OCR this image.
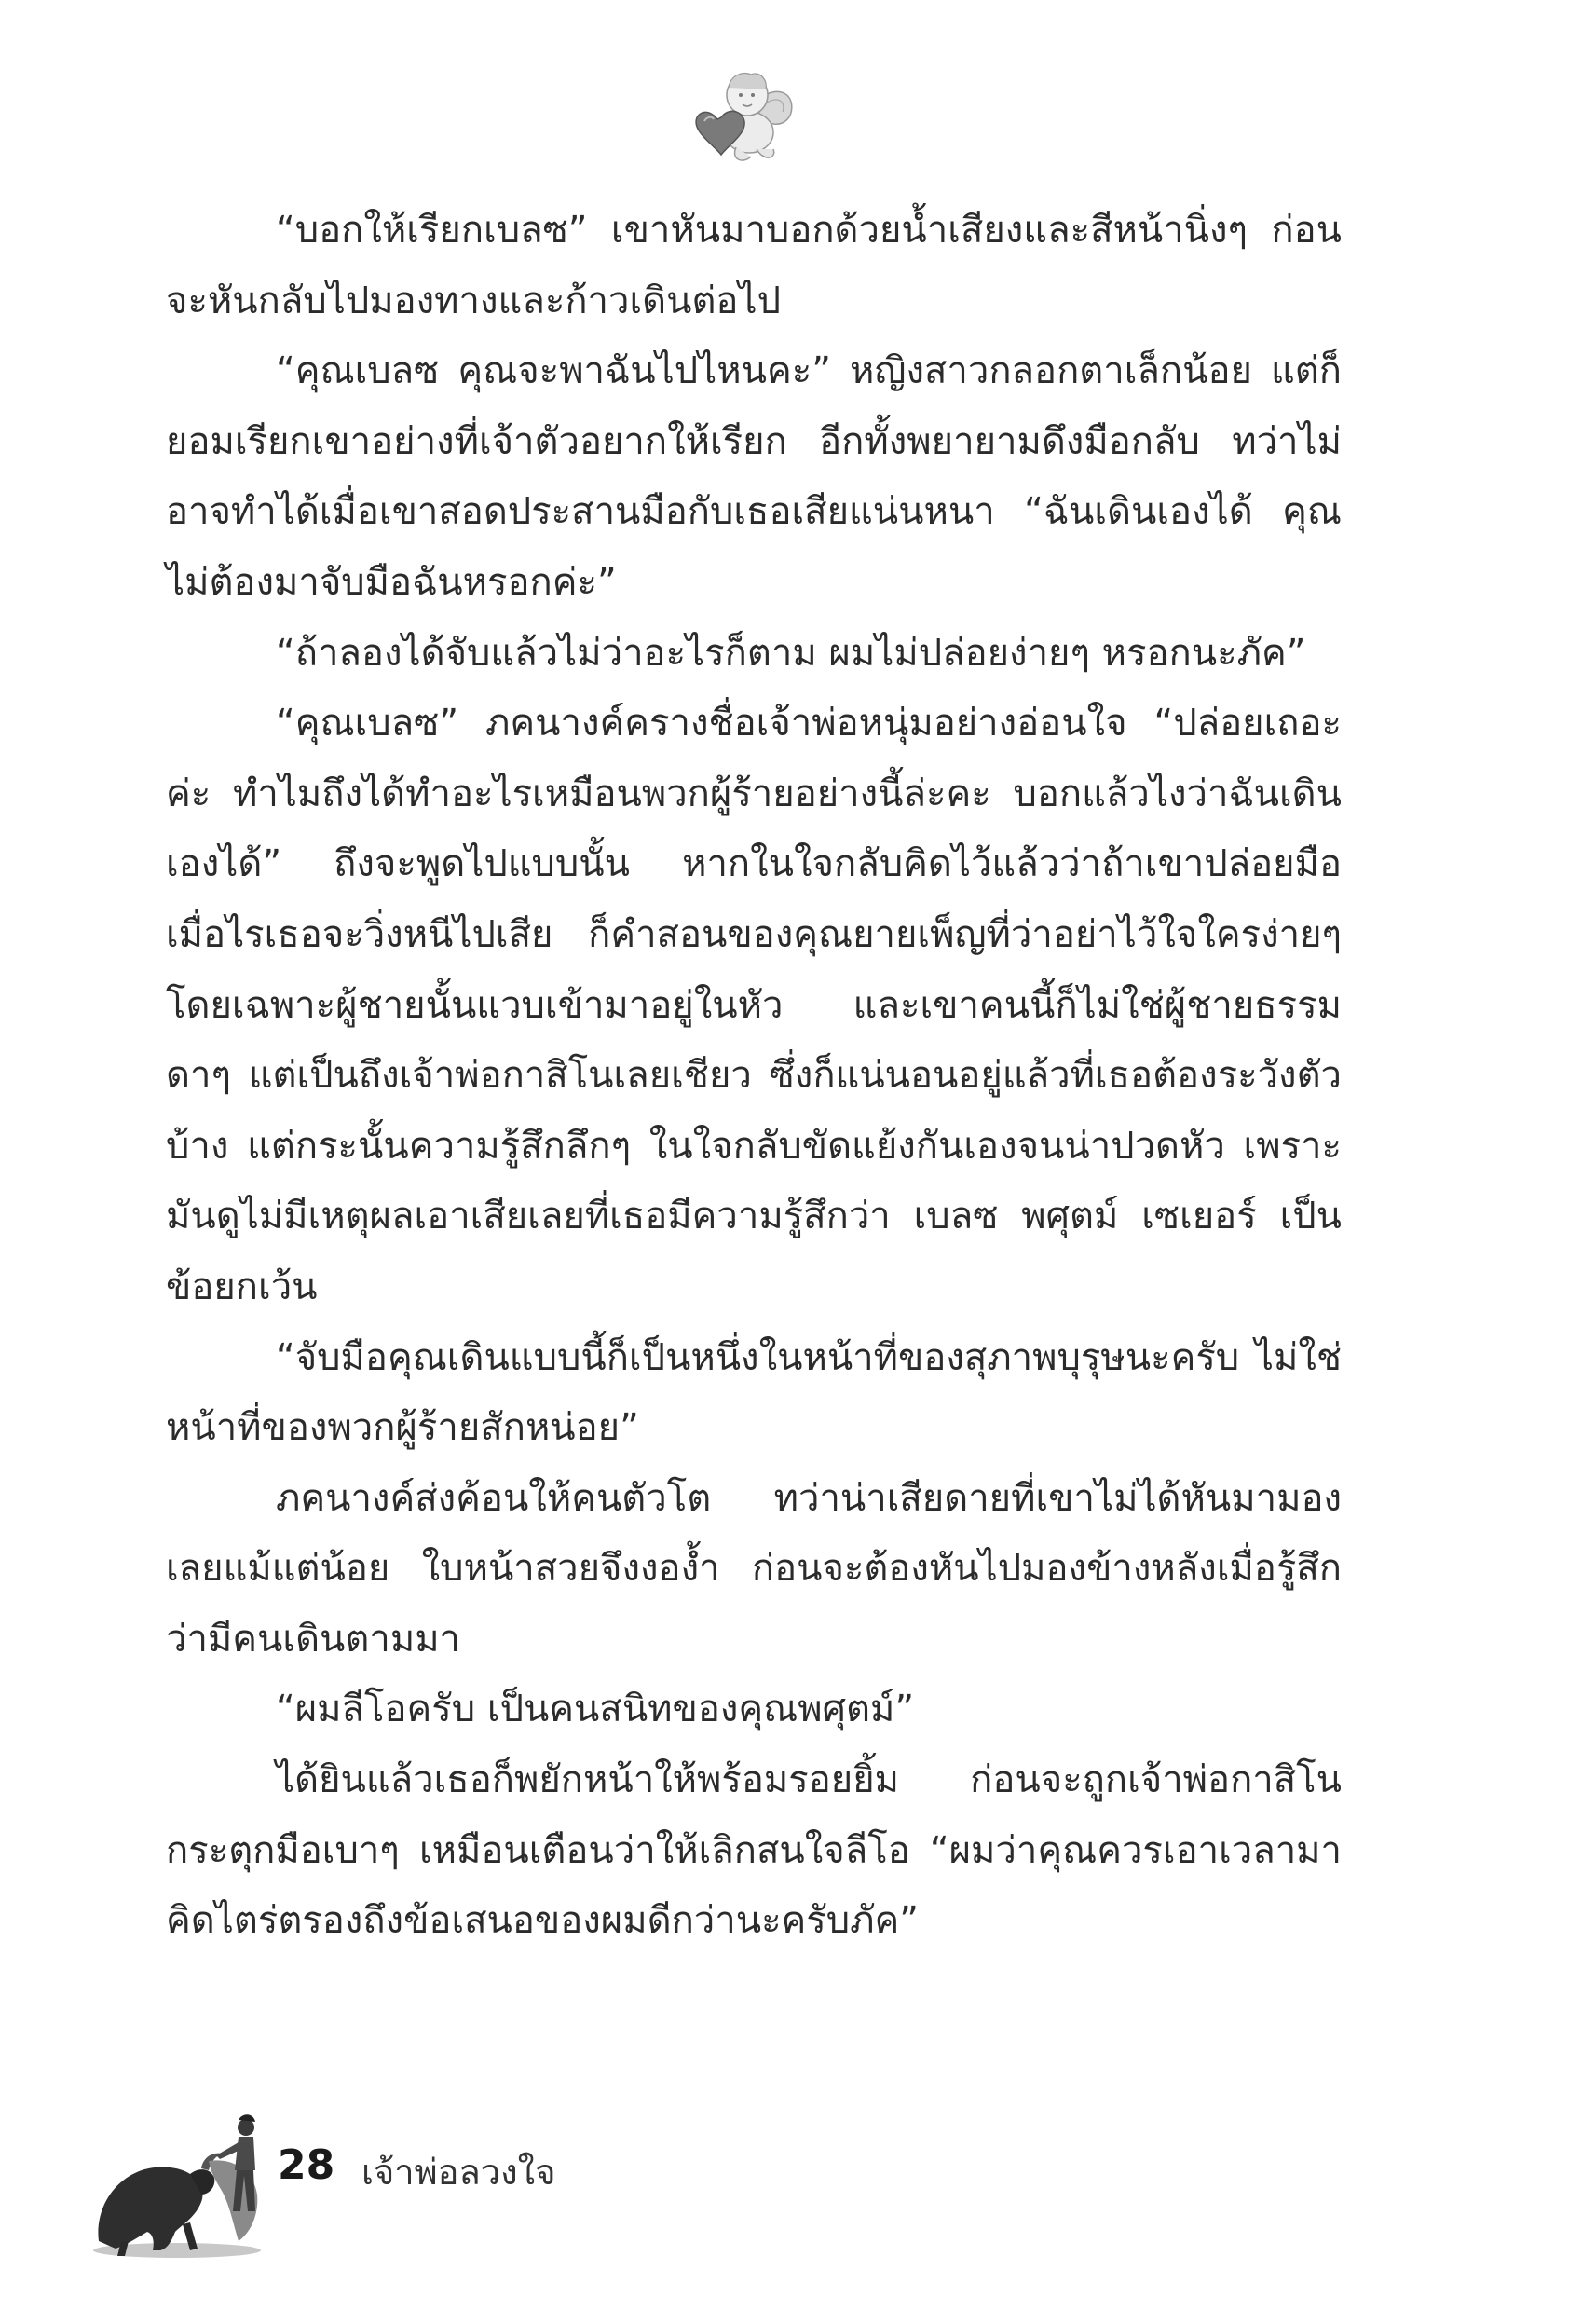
“บอกให้เรียกเบลซ” เขาหันมาบอกด้วยน้ำเสียงและสีหน้านิ่งๆ ก่อนจะหันกลับไปมองทางและก้าวเดินต่อไป

“คุณเบลซ คุณจะพาฉันไปไหนคะ” หญิงสาวกลอกตาเล็กน้อย แต่ก็ยอมเรียกเขาอย่างที่เจ้าตัวอยากให้เรียก อีกทั้งพยายามดึงมือกลับ ทว่าไม่อาจทำได้เมื่อเขาสอดประสานมือกับเธอเสียแน่นหนา “ฉันเดินเองได้ คุณไม่ต้องมาจับมือฉันหรอกค่ะ”

“ถ้าลองได้จับแล้วไม่ว่าอะไรก็ตาม ผมไม่ปล่อยง่ายๆ หรอกนะภัค”

“คุณเบลซ” ภคนางค์ครางชื่อเจ้าพ่อหนุ่มอย่างอ่อนใจ “ปล่อยเถอะค่ะ ทำไมถึงได้ทำอะไรเหมือนพวกผู้ร้ายอย่างนี้ล่ะคะ บอกแล้วไงว่าฉันเดินเองได้” ถึงจะพูดไปแบบนั้น หากในใจกลับคิดไว้แล้วว่าถ้าเขาปล่อยมือเมื่อไรเธอจะวิ่งหนีไปเสีย ก็คำสอนของคุณยายเพ็ญที่ว่าอย่าไว้ใจใครง่ายๆ โดยเฉพาะผู้ชายนั้นแวบเข้ามาอยู่ในหัว และเขาคนนี้ก็ไม่ใช่ผู้ชายธรรมดาๆ แต่เป็นถึงเจ้าพ่อกาสิโนเลยเชียว ซึ่งก็แน่นอนอยู่แล้วที่เธอต้องระวังตัวบ้าง แต่กระนั้นความรู้สึกลึกๆ ในใจกลับขัดแย้งกันเองจนน่าปวดหัว เพราะมันดูไม่มีเหตุผลเอาเสียเลยที่เธอมีความรู้สึกว่า เบลซ พศุตม์ เซเยอร์ เป็นข้อยกเว้น

“จับมือคุณเดินแบบนี้ก็เป็นหนึ่งในหน้าที่ของสุภาพบุรุษนะครับ ไม่ใช่หน้าที่ของพวกผู้ร้ายสักหน่อย”

ภคนางค์ส่งค้อนให้คนตัวโต ทว่าน่าเสียดายที่เขาไม่ได้หันมามองเลยแม้แต่น้อย ใบหน้าสวยจึงงองํ้า ก่อนจะต้องหันไปมองข้างหลังเมื่อรู้สึกว่ามีคนเดินตามมา

“ผมลีโอครับ เป็นคนสนิทของคุณพศุตม์”

ได้ยินแล้วเธอก็พยักหน้าให้พร้อมรอยยิ้ม ก่อนจะถูกเจ้าพ่อกาสิโนกระตุกมือเบาๆ เหมือนเตือนว่าให้เลิกสนใจลีโอ “ผมว่าคุณควรเอาเวลามาคิดไตร่ตรองถึงข้อเสนอของผมดีกว่านะครับภัค”

28 เจ้าพ่อลวงใจ
